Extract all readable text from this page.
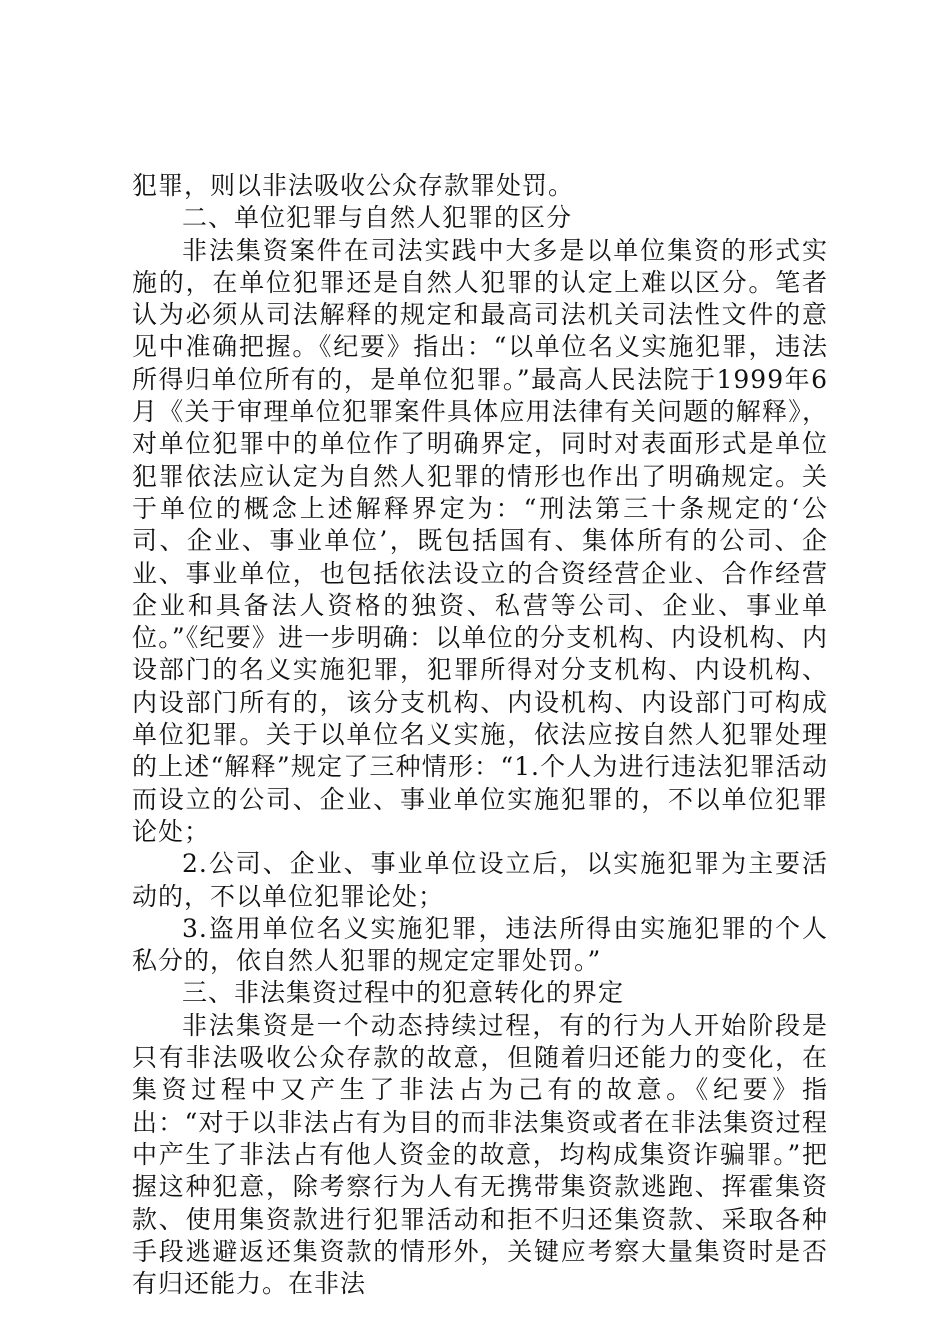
犯罪，则以非法吸收公众存款罪处罚。

二、单位犯罪与自然人犯罪的区分

非法集资案件在司法实践中大多是以单位集资的形式实施的，在单位犯罪还是自然人犯罪的认定上难以区分。笔者认为必须从司法解释的规定和最高司法机关司法性文件的意见中准确把握。《纪要》指出：“以单位名义实施犯罪，违法所得归单位所有的，是单位犯罪。”最高人民法院于1999年6月《关于审理单位犯罪案件具体应用法律有关问题的解释》，对单位犯罪中的单位作了明确界定，同时对表面形式是单位犯罪依法应认定为自然人犯罪的情形也作出了明确规定。关于单位的概念上述解释界定为：“刑法第三十条规定的‘公司、企业、事业单位’，既包括国有、集体所有的公司、企业、事业单位，也包括依法设立的合资经营企业、合作经营企业和具备法人资格的独资、私营等公司、企业、事业单位。”《纪要》进一步明确：以单位的分支机构、内设机构、内设部门的名义实施犯罪，犯罪所得对分支机构、内设机构、内设部门所有的，该分支机构、内设机构、内设部门可构成单位犯罪。关于以单位名义实施，依法应按自然人犯罪处理的上述“解释”规定了三种情形：“1.个人为进行违法犯罪活动而设立的公司、企业、事业单位实施犯罪的，不以单位犯罪论处；

2.公司、企业、事业单位设立后，以实施犯罪为主要活动的，不以单位犯罪论处；

3.盗用单位名义实施犯罪，违法所得由实施犯罪的个人私分的，依自然人犯罪的规定定罪处罚。”

三、非法集资过程中的犯意转化的界定

非法集资是一个动态持续过程，有的行为人开始阶段是只有非法吸收公众存款的故意，但随着归还能力的变化，在集资过程中又产生了非法占为己有的故意。《纪要》指出：“对于以非法占有为目的而非法集资或者在非法集资过程中产生了非法占有他人资金的故意，均构成集资诈骗罪。”把握这种犯意，除考察行为人有无携带集资款逃跑、挥霍集资款、使用集资款进行犯罪活动和拒不归还集资款、采取各种手段逃避返还集资款的情形外，关键应考察大量集资时是否有归还能力。在非法
